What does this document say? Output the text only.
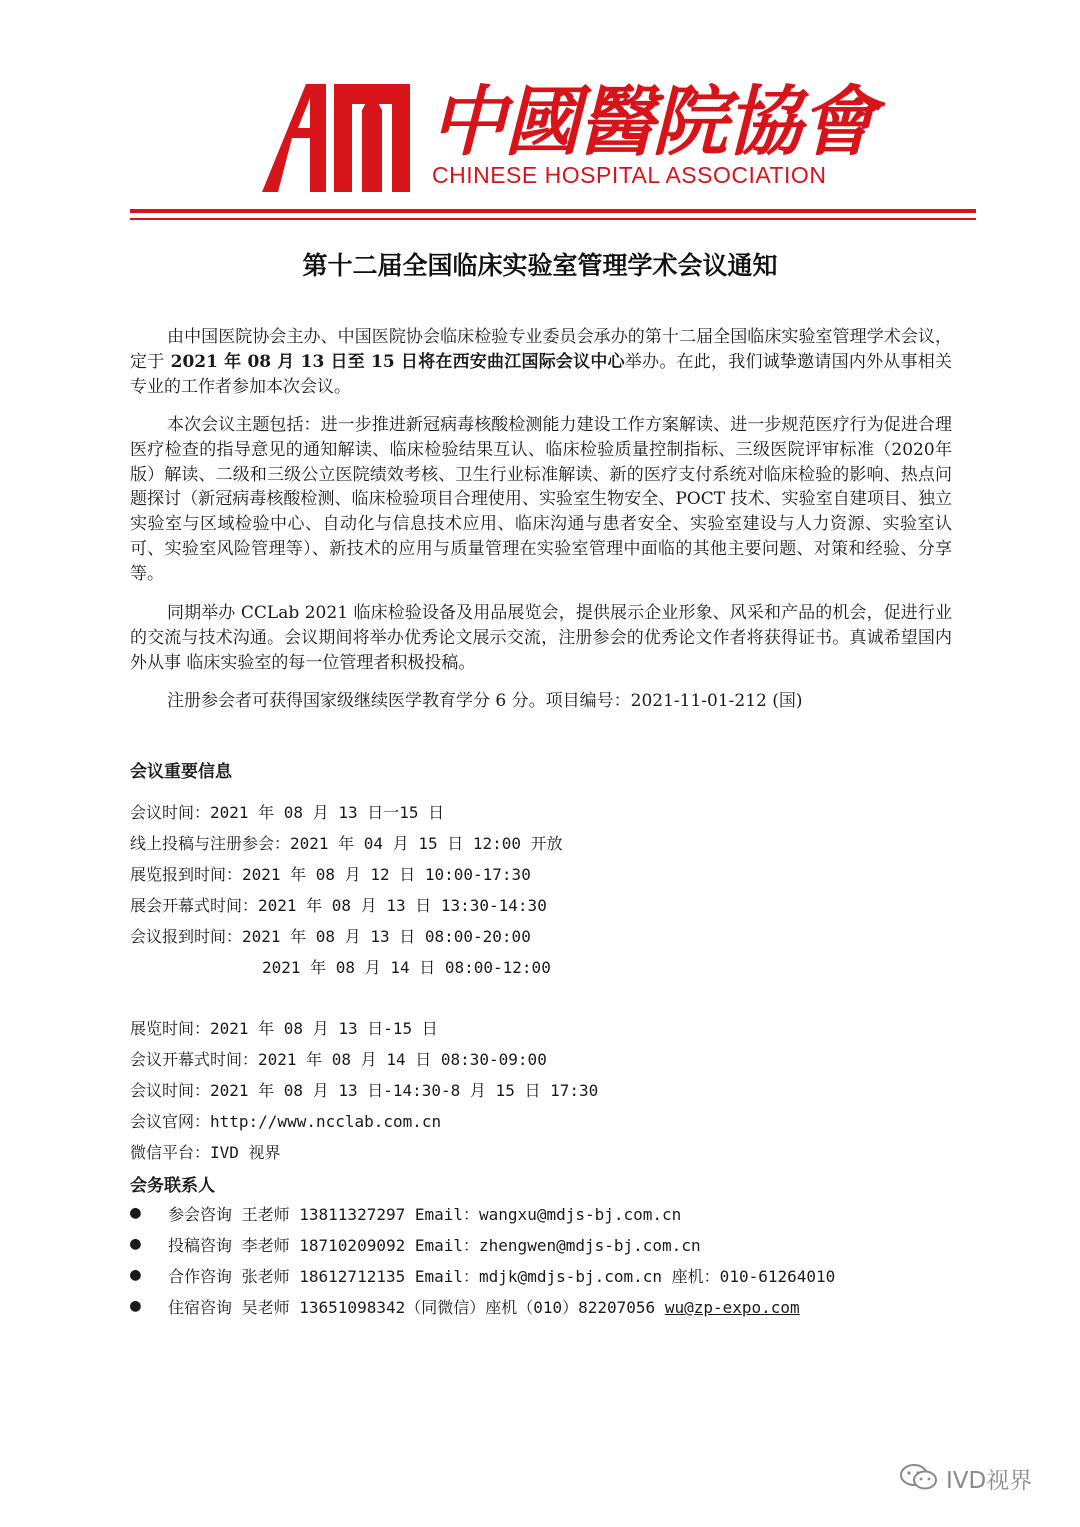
中國醫院協會
CHINESE HOSPITAL ASSOCIATION
第十二届全国临床实验室管理学术会议通知

由中国医院协会主办、中国医院协会临床检验专业委员会承办的第十二届全国临床实验室管理学术会议，定于 2021 年 08 月 13 日至 15 日将在西安曲江国际会议中心举办。在此，我们诚挚邀请国内外从事相关专业的工作者参加本次会议。

本次会议主题包括：进一步推进新冠病毒核酸检测能力建设工作方案解读、进一步规范医疗行为促进合理医疗检查的指导意见的通知解读、临床检验结果互认、临床检验质量控制指标、三级医院评审标准（2020年版）解读、二级和三级公立医院绩效考核、卫生行业标准解读、新的医疗支付系统对临床检验的影响、热点问题探讨（新冠病毒核酸检测、临床检验项目合理使用、实验室生物安全、POCT 技术、实验室自建项目、独立实验室与区域检验中心、自动化与信息技术应用、临床沟通与患者安全、实验室建设与人力资源、实验室认可、实验室风险管理等）、新技术的应用与质量管理在实验室管理中面临的其他主要问题、对策和经验、分享等。

同期举办 CCLab 2021 临床检验设备及用品展览会，提供展示企业形象、风采和产品的机会，促进行业的交流与技术沟通。会议期间将举办优秀论文展示交流，注册参会的优秀论文作者将获得证书。真诚希望国内外从事 临床实验室的每一位管理者积极投稿。

注册参会者可获得国家级继续医学教育学分 6 分。项目编号：2021-11-01-212 (国)

会议重要信息
会议时间：2021 年 08 月 13 日一15 日
线上投稿与注册参会：2021 年 04 月 15 日 12:00 开放
展览报到时间：2021 年 08 月 12 日 10:00-17:30
展会开幕式时间：2021 年 08 月 13 日 13:30-14:30
会议报到时间：2021 年 08 月 13 日 08:00-20:00
2021 年 08 月 14 日 08:00-12:00
展览时间：2021 年 08 月 13 日-15 日
会议开幕式时间：2021 年 08 月 14 日 08:30-09:00
会议时间：2021 年 08 月 13 日-14:30-8 月 15 日 17:30
会议官网：http://www.ncclab.com.cn
微信平台：IVD 视界
会务联系人
● 参会咨询 王老师 13811327297 Email：wangxu@mdjs-bj.com.cn
● 投稿咨询 李老师 18710209092 Email：zhengwen@mdjs-bj.com.cn
● 合作咨询 张老师 18612712135 Email：mdjk@mdjs-bj.com.cn 座机：010-61264010
● 住宿咨询 吴老师 13651098342（同微信）座机（010）82207056 wu@zp-expo.com
IVD视界
